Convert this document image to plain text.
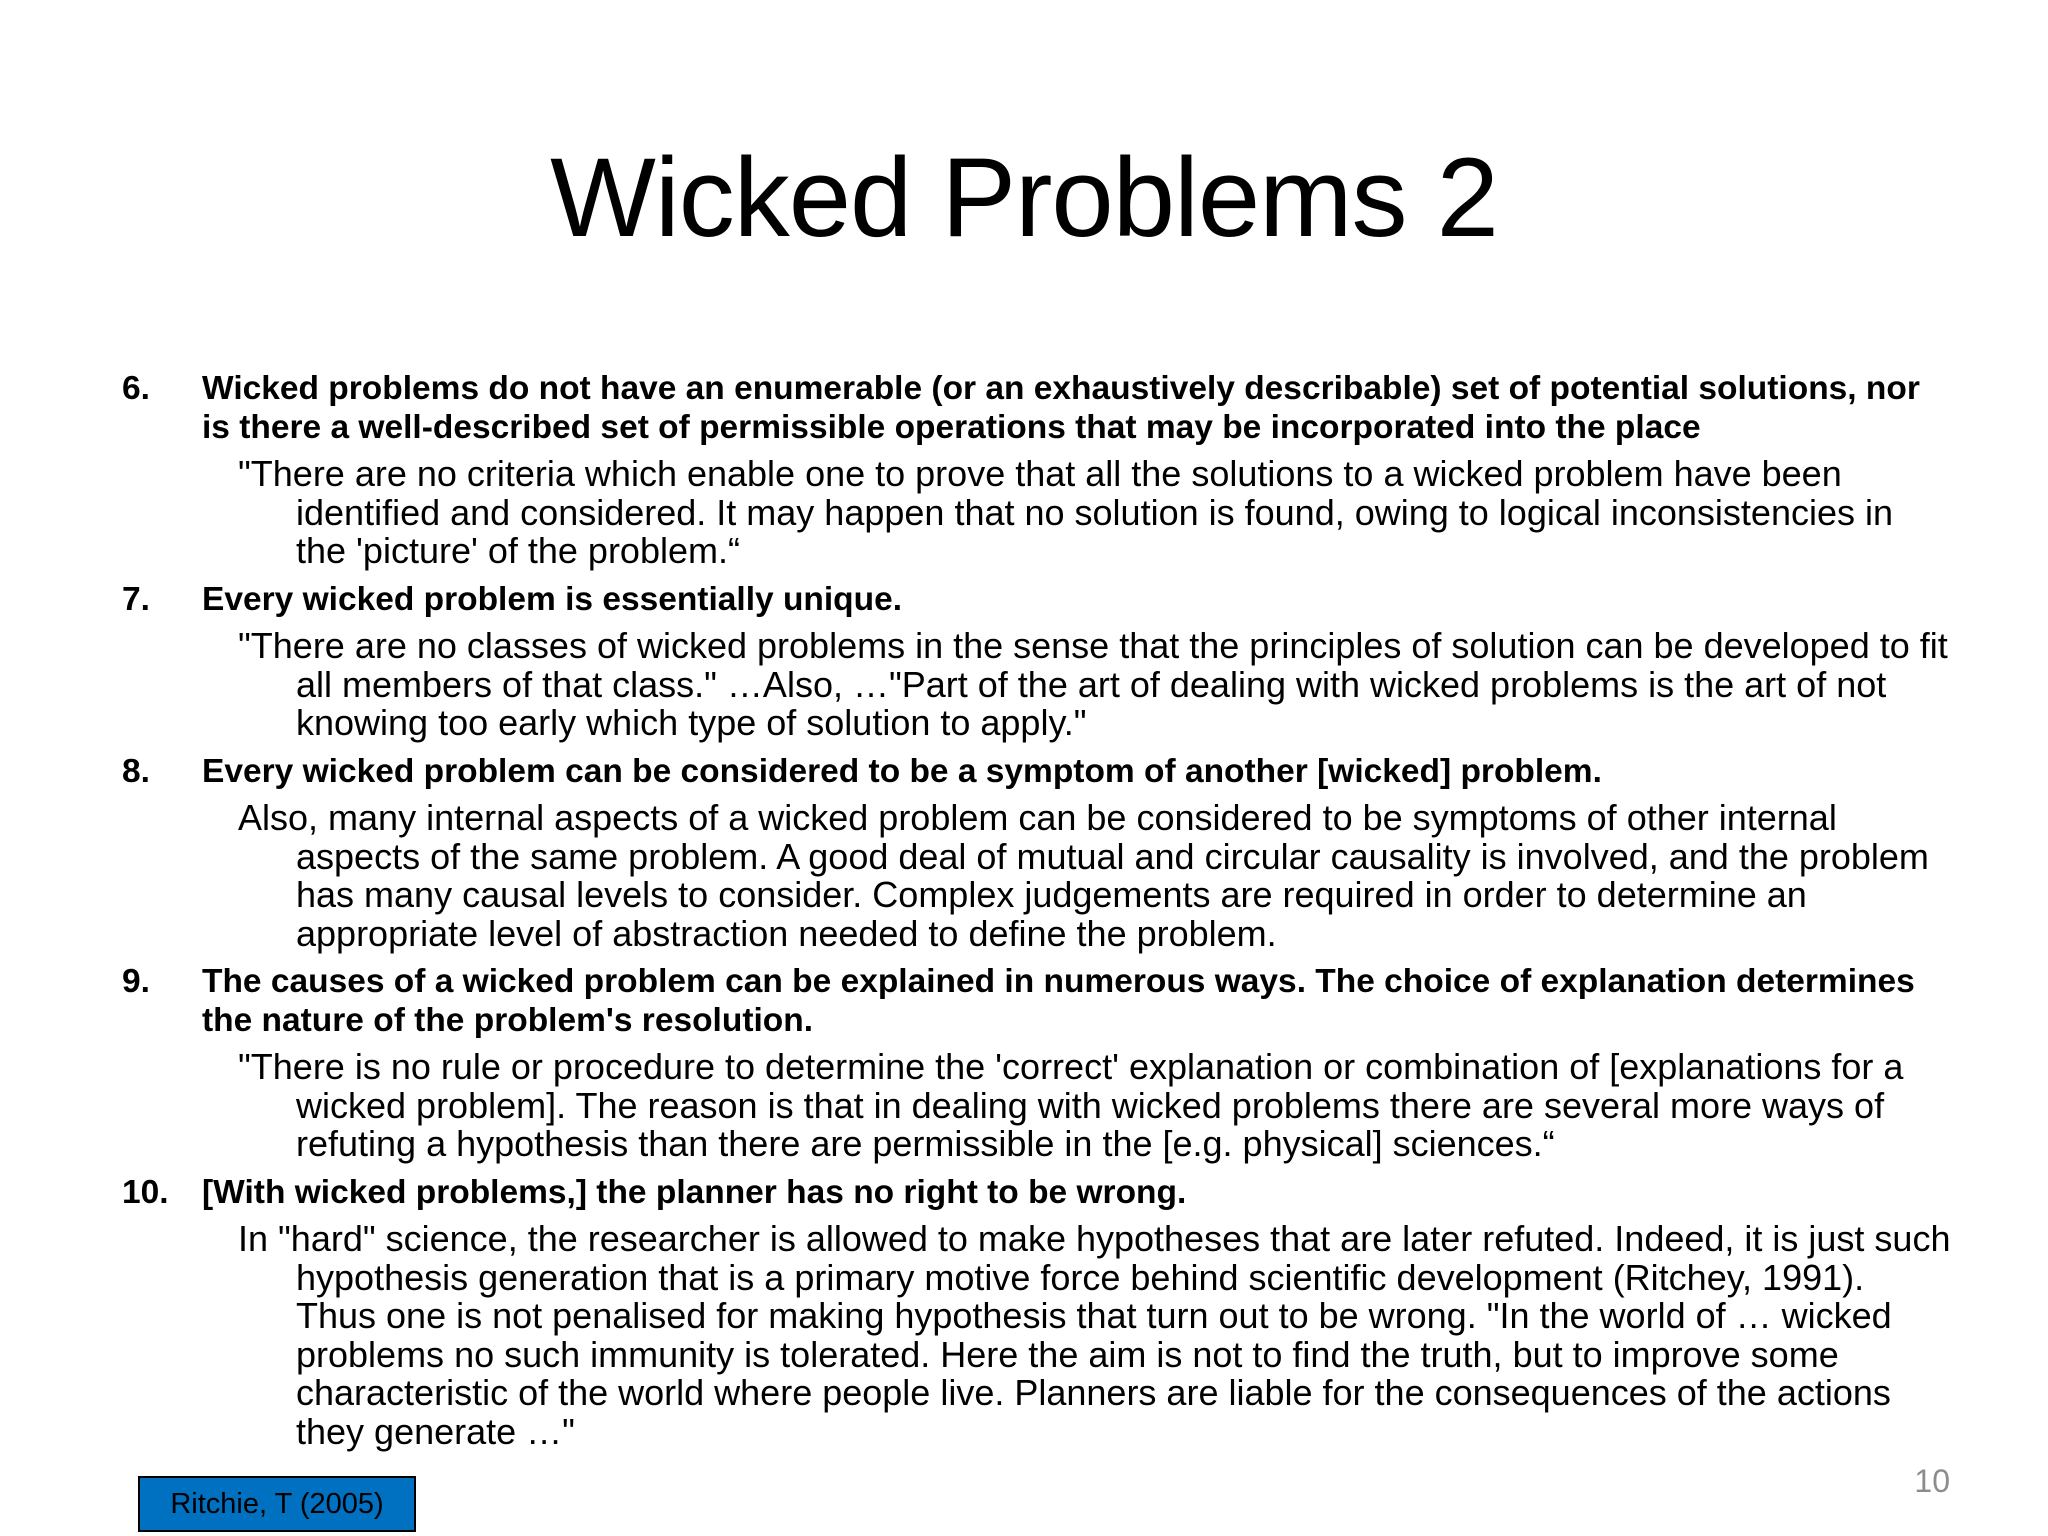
Wicked Problems 2
6.	Wicked problems do not have an enumerable (or an exhaustively describable) set of potential solutions, nor is there a well-described set of permissible operations that may be incorporated into the place
"There are no criteria which enable one to prove that all the solutions to a wicked problem have been identified and considered. It may happen that no solution is found, owing to logical inconsistencies in the 'picture' of the problem.“
7.	Every wicked problem is essentially unique.
"There are no classes of wicked problems in the sense that the principles of solution can be developed to fit all members of that class." …Also, …"Part of the art of dealing with wicked problems is the art of not knowing too early which type of solution to apply."
8.	Every wicked problem can be considered to be a symptom of another [wicked] problem.
Also, many internal aspects of a wicked problem can be considered to be symptoms of other internal aspects of the same problem. A good deal of mutual and circular causality is involved, and the problem has many causal levels to consider. Complex judgements are required in order to determine an appropriate level of abstraction needed to define the problem.
9.	The causes of a wicked problem can be explained in numerous ways. The choice of explanation determines the nature of the problem's resolution.
"There is no rule or procedure to determine the 'correct' explanation or combination of [explanations for a wicked problem]. The reason is that in dealing with wicked problems there are several more ways of refuting a hypothesis than there are permissible in the [e.g. physical] sciences.“
10. [With wicked problems,] the planner has no right to be wrong.
In "hard" science, the researcher is allowed to make hypotheses that are later refuted. Indeed, it is just such hypothesis generation that is a primary motive force behind scientific development (Ritchey, 1991). Thus one is not penalised for making hypothesis that turn out to be wrong. "In the world of … wicked problems no such immunity is tolerated. Here the aim is not to find the truth, but to improve some characteristic of the world where people live. Planners are liable for the consequences of the actions they generate …"
10
Ritchie, T (2005)
